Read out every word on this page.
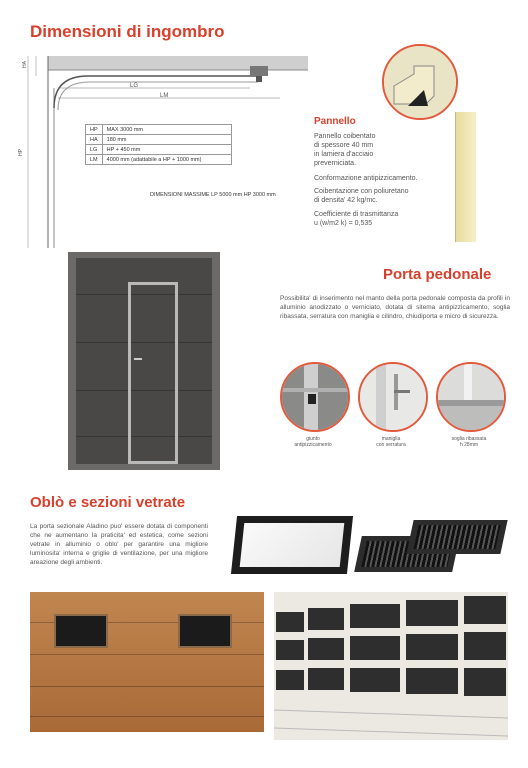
Dimensioni di ingombro
LG
LM
HA
HP
HP	MAX 3000 mm
HA	180 mm
LG	HP + 450 mm
LM	4000 mm (adattabile a HP + 1000 mm)
DIMENSIONI MASSIME LP 5000 mm HP 3000 mm
Pannello
Pannello coibentato
di spessore 40 mm
in lamiera d'acciaio
preverniciata.
Conformazione antipizzicamento.
Coibentazione con poliuretano
di densita' 42 kg/mc.
Coefficiente di trasmittanza
u (w/m2 k) = 0,535
Porta pedonale
Possibilita' di inserimento nel manto della porta pedonale composta da profili in alluminio anodizzato o verniciato, dotata di sitema antipizzicamento, soglia ribassata, serratura con maniglia e cilindro, chiudiporta e micro di sicurezza.
giunto
antipizzicamento
maniglia
con serratura
soglia ribassata
h 28mm
Oblò e sezioni vetrate
La porta sezionale Aladino puo' essere dotata di componenti che ne aumentano la praticita' ed estetica, come sezioni vetrate in alluminio o oblo' per garantire una migliore luminosita' interna e griglie di ventilazione, per una migliore areazione degli ambienti.
